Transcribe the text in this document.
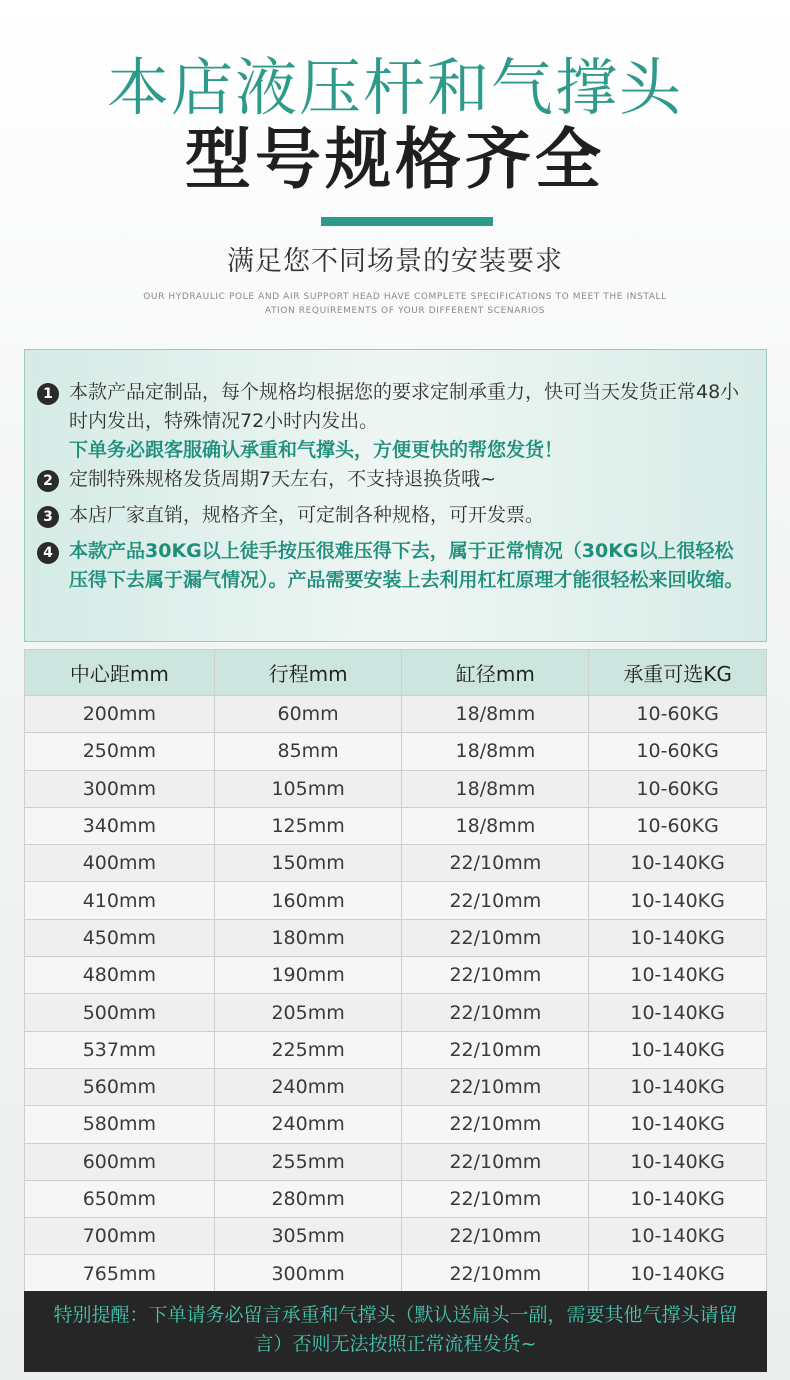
本店液压杆和气撑头
型号规格齐全
满足您不同场景的安装要求
OUR HYDRAULIC POLE AND AIR SUPPORT HEAD HAVE COMPLETE SPECIFICATIONS TO MEET THE INSTALL
ATION REQUIREMENTS OF YOUR DIFFERENT SCENARIOS
1 本款产品定制品，每个规格均根据您的要求定制承重力，快可当天发货正常48小时内发出，特殊情况72小时内发出。
下单务必跟客服确认承重和气撑头，方便更快的帮您发货！
2 定制特殊规格发货周期7天左右，不支持退换货哦~
3 本店厂家直销，规格齐全，可定制各种规格，可开发票。
4 本款产品30KG以上徒手按压很难压得下去，属于正常情况（30KG以上很轻松压得下去属于漏气情况）。产品需要安装上去利用杠杠原理才能很轻松来回收缩。
中心距mm	行程mm	缸径mm	承重可选KG
200mm	60mm	18/8mm	10-60KG
250mm	85mm	18/8mm	10-60KG
300mm	105mm	18/8mm	10-60KG
340mm	125mm	18/8mm	10-60KG
400mm	150mm	22/10mm	10-140KG
410mm	160mm	22/10mm	10-140KG
450mm	180mm	22/10mm	10-140KG
480mm	190mm	22/10mm	10-140KG
500mm	205mm	22/10mm	10-140KG
537mm	225mm	22/10mm	10-140KG
560mm	240mm	22/10mm	10-140KG
580mm	240mm	22/10mm	10-140KG
600mm	255mm	22/10mm	10-140KG
650mm	280mm	22/10mm	10-140KG
700mm	305mm	22/10mm	10-140KG
765mm	300mm	22/10mm	10-140KG
特别提醒：下单请务必留言承重和气撑头（默认送扁头一副，需要其他气撑头请留言）否则无法按照正常流程发货~
